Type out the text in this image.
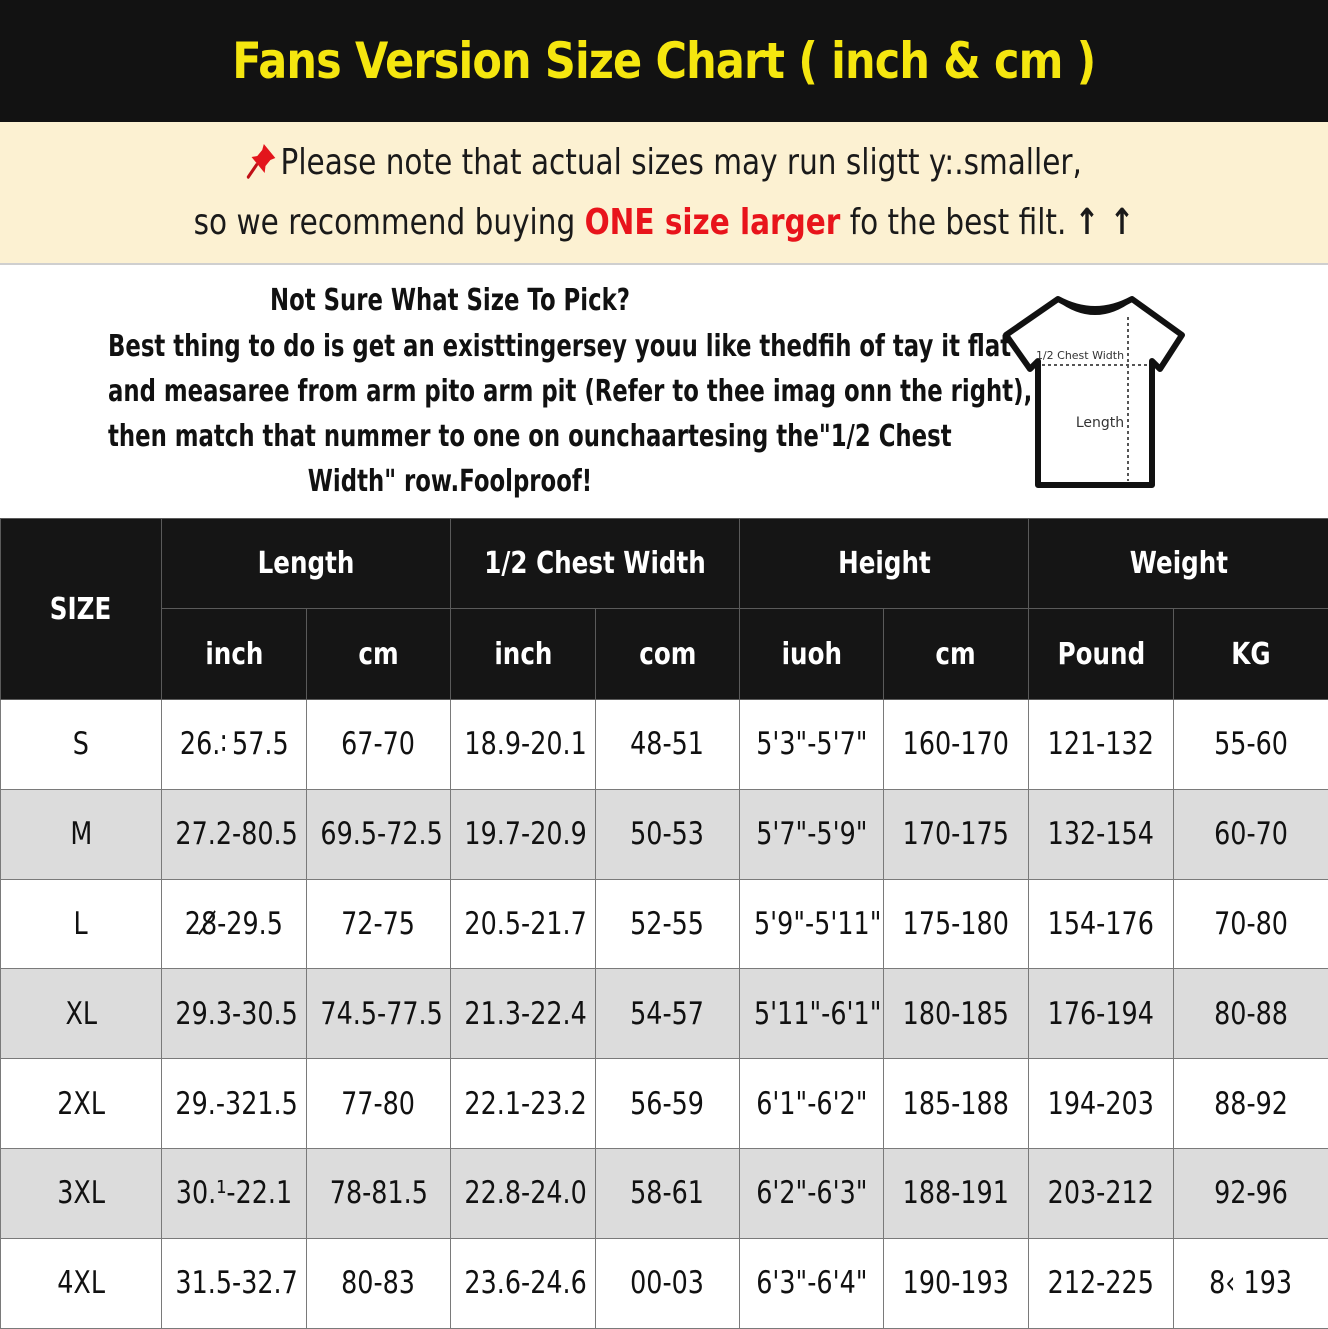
Fans Version Size Chart ( inch & cm )
Please note that actual sizes may run sligtt y:.smaller,
so we recommend buying ONE size larger fo the best filt. ↑ ↑
Not Sure What Size To Pick?
Best thing to do is get an existtingersey youu like thedfih of tay it flat
and measaree from arm pito arm pit (Refer to thee imag onn the right),
then match that nummer to one on ounchaartesing the"1/2 Chest
Width" row.Foolproof!
1/2 Chest Width
Length
SIZE	Length		1/2 Chest Width		Height		Weight	
	inch	cm	inch	com	iuoh	cm	Pound	KG
S	26.∶ 57.5	67-70	18.9-20.1	48-51	5'3"-5'7"	160-170	121-132	55-60
M	27.2-80.5	69.5-72.5	19.7-20.9	50-53	5'7"-5'9"	170-175	132-154	60-70
L	28̸-29.5	72-75	20.5-21.7	52-55	5'9"-5'11"	175-180	154-176	70-80
XL	29.3-30.5	74.5-77.5	21.3-22.4	54-57	5'11"-6'1"	180-185	176-194	80-88
2XL	29.-321.5	77-80	22.1-23.2	56-59	6'1"-6'2"	185-188	194-203	88-92
3XL	30.¹-22.1	78-81.5	22.8-24.0	58-61	6'2"-6'3"	188-191	203-212	92-96
4XL	31.5-32.7	80-83	23.6-24.6	00-03	6'3"-6'4"	190-193	212-225	8‹ 193
